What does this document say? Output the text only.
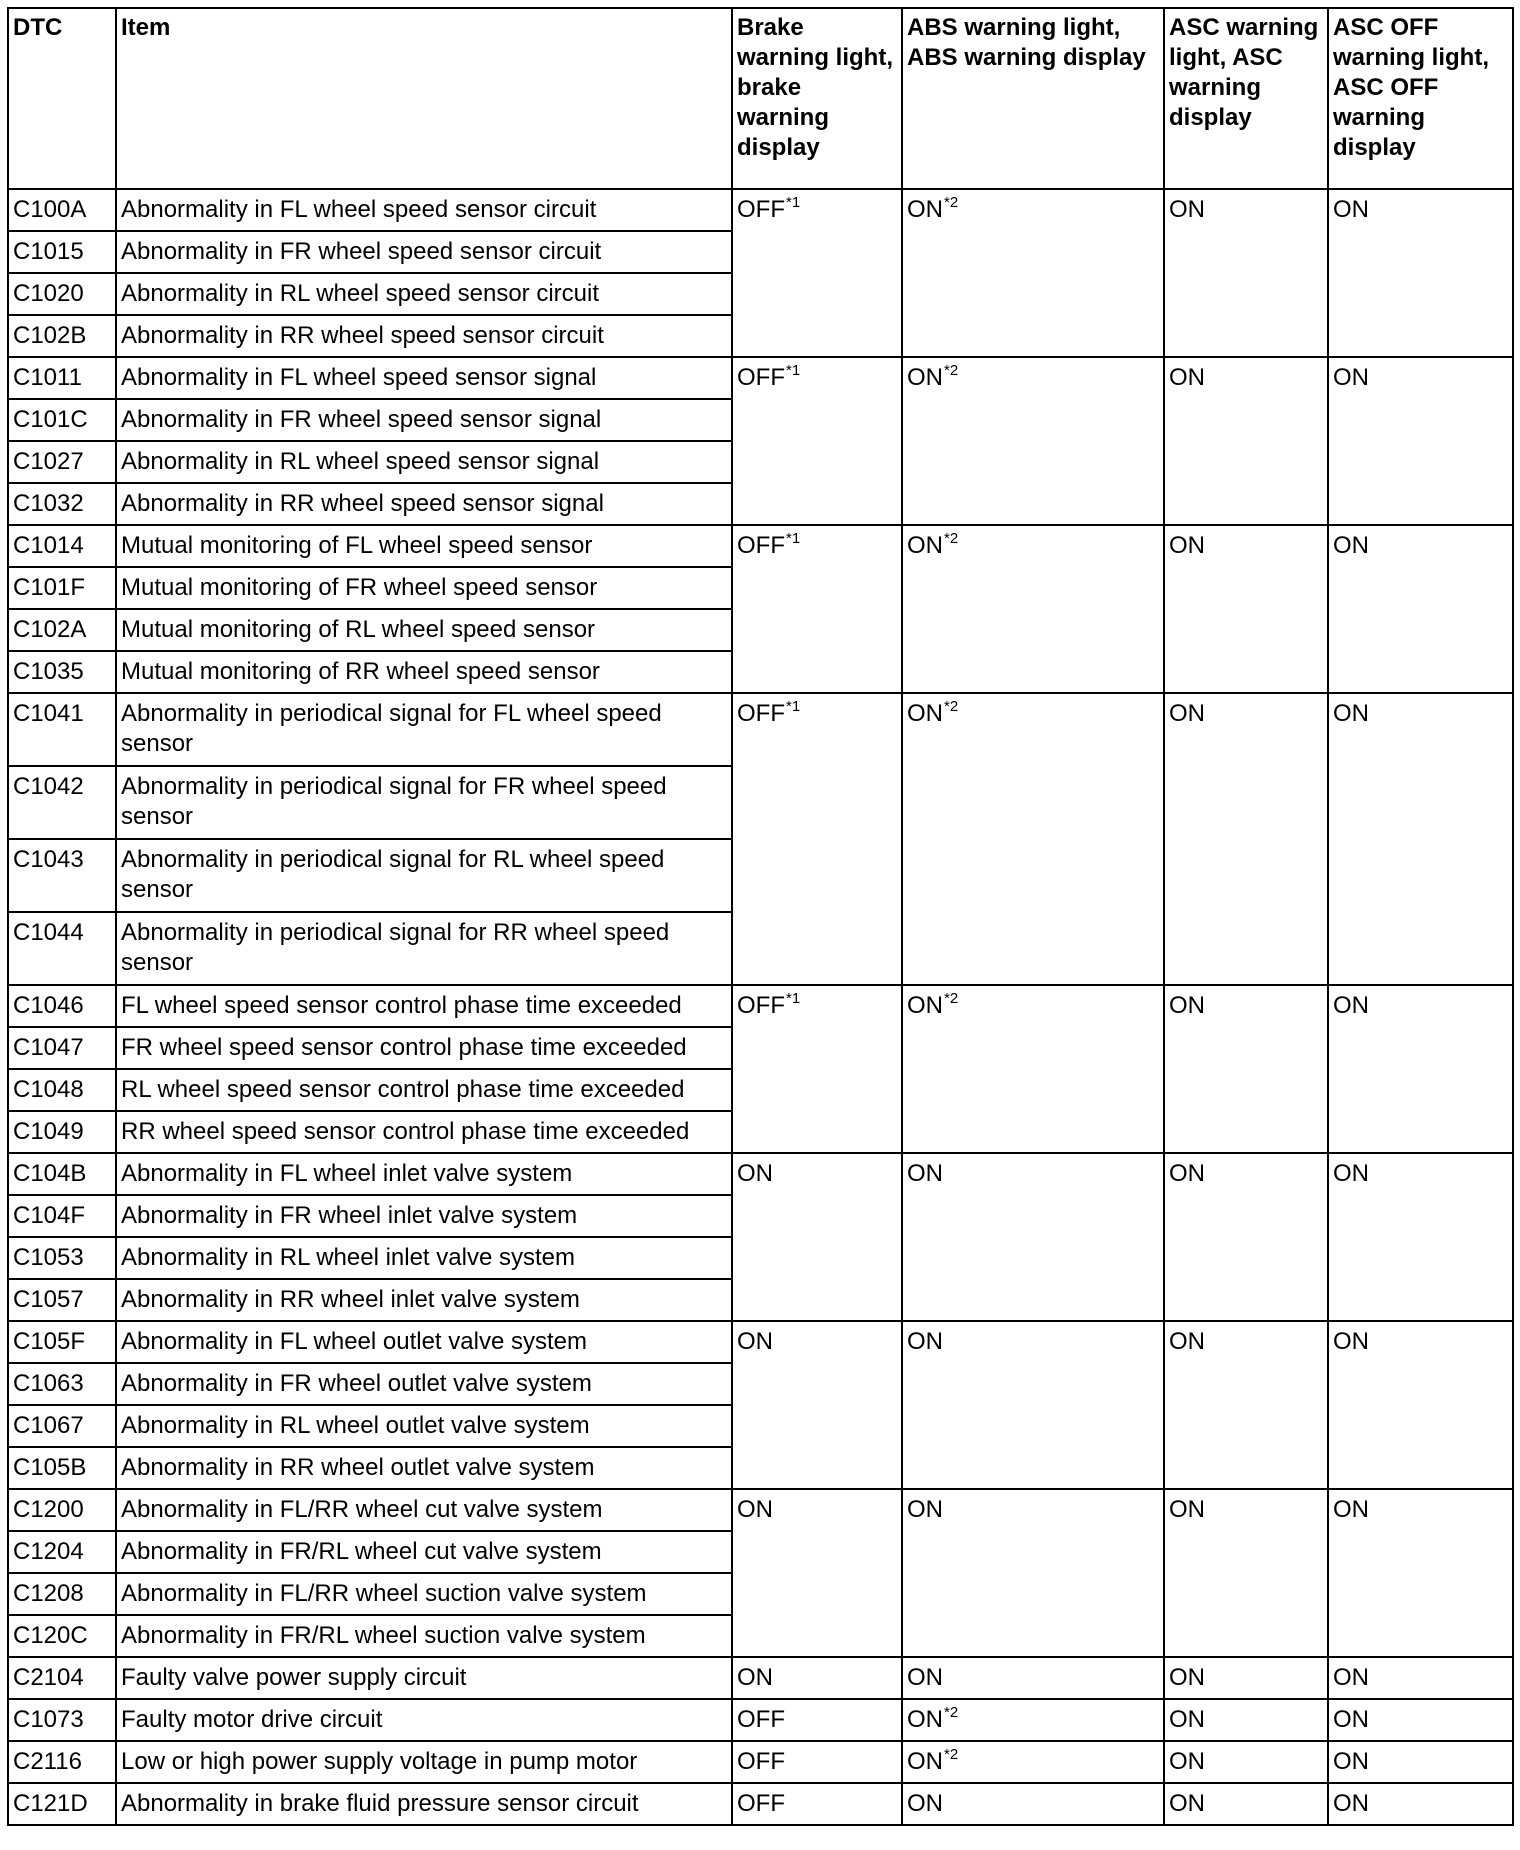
DTC	Item	Brake warning light, brake warning display	ABS warning light, ABS warning display	ASC warning light, ASC warning display	ASC OFF warning light, ASC OFF warning display
C100A	Abnormality in FL wheel speed sensor circuit	OFF$^{*1}$	ON$^{*2}$	ON	ON
C1015	Abnormality in FR wheel speed sensor circuit				
C1020	Abnormality in RL wheel speed sensor circuit				
C102B	Abnormality in RR wheel speed sensor circuit				
C1011	Abnormality in FL wheel speed sensor signal	OFF$^{*1}$	ON$^{*2}$	ON	ON
C101C	Abnormality in FR wheel speed sensor signal				
C1027	Abnormality in RL wheel speed sensor signal				
C1032	Abnormality in RR wheel speed sensor signal				
C1014	Mutual monitoring of FL wheel speed sensor	OFF$^{*1}$	ON$^{*2}$	ON	ON
C101F	Mutual monitoring of FR wheel speed sensor				
C102A	Mutual monitoring of RL wheel speed sensor				
C1035	Mutual monitoring of RR wheel speed sensor				
C1041	Abnormality in periodical signal for FL wheel speed sensor	OFF$^{*1}$	ON$^{*2}$	ON	ON
C1042	Abnormality in periodical signal for FR wheel speed sensor				
C1043	Abnormality in periodical signal for RL wheel speed sensor				
C1044	Abnormality in periodical signal for RR wheel speed sensor				
C1046	FL wheel speed sensor control phase time exceeded	OFF$^{*1}$	ON$^{*2}$	ON	ON
C1047	FR wheel speed sensor control phase time exceeded				
C1048	RL wheel speed sensor control phase time exceeded				
C1049	RR wheel speed sensor control phase time exceeded				
C104B	Abnormality in FL wheel inlet valve system	ON	ON	ON	ON
C104F	Abnormality in FR wheel inlet valve system				
C1053	Abnormality in RL wheel inlet valve system				
C1057	Abnormality in RR wheel inlet valve system				
C105F	Abnormality in FL wheel outlet valve system	ON	ON	ON	ON
C1063	Abnormality in FR wheel outlet valve system				
C1067	Abnormality in RL wheel outlet valve system				
C105B	Abnormality in RR wheel outlet valve system				
C1200	Abnormality in FL/RR wheel cut valve system	ON	ON	ON	ON
C1204	Abnormality in FR/RL wheel cut valve system				
C1208	Abnormality in FL/RR wheel suction valve system				
C120C	Abnormality in FR/RL wheel suction valve system				
C2104	Faulty valve power supply circuit	ON	ON	ON	ON
C1073	Faulty motor drive circuit	OFF	ON$^{*2}$	ON	ON
C2116	Low or high power supply voltage in pump motor	OFF	ON$^{*2}$	ON	ON
C121D	Abnormality in brake fluid pressure sensor circuit	OFF	ON	ON	ON
